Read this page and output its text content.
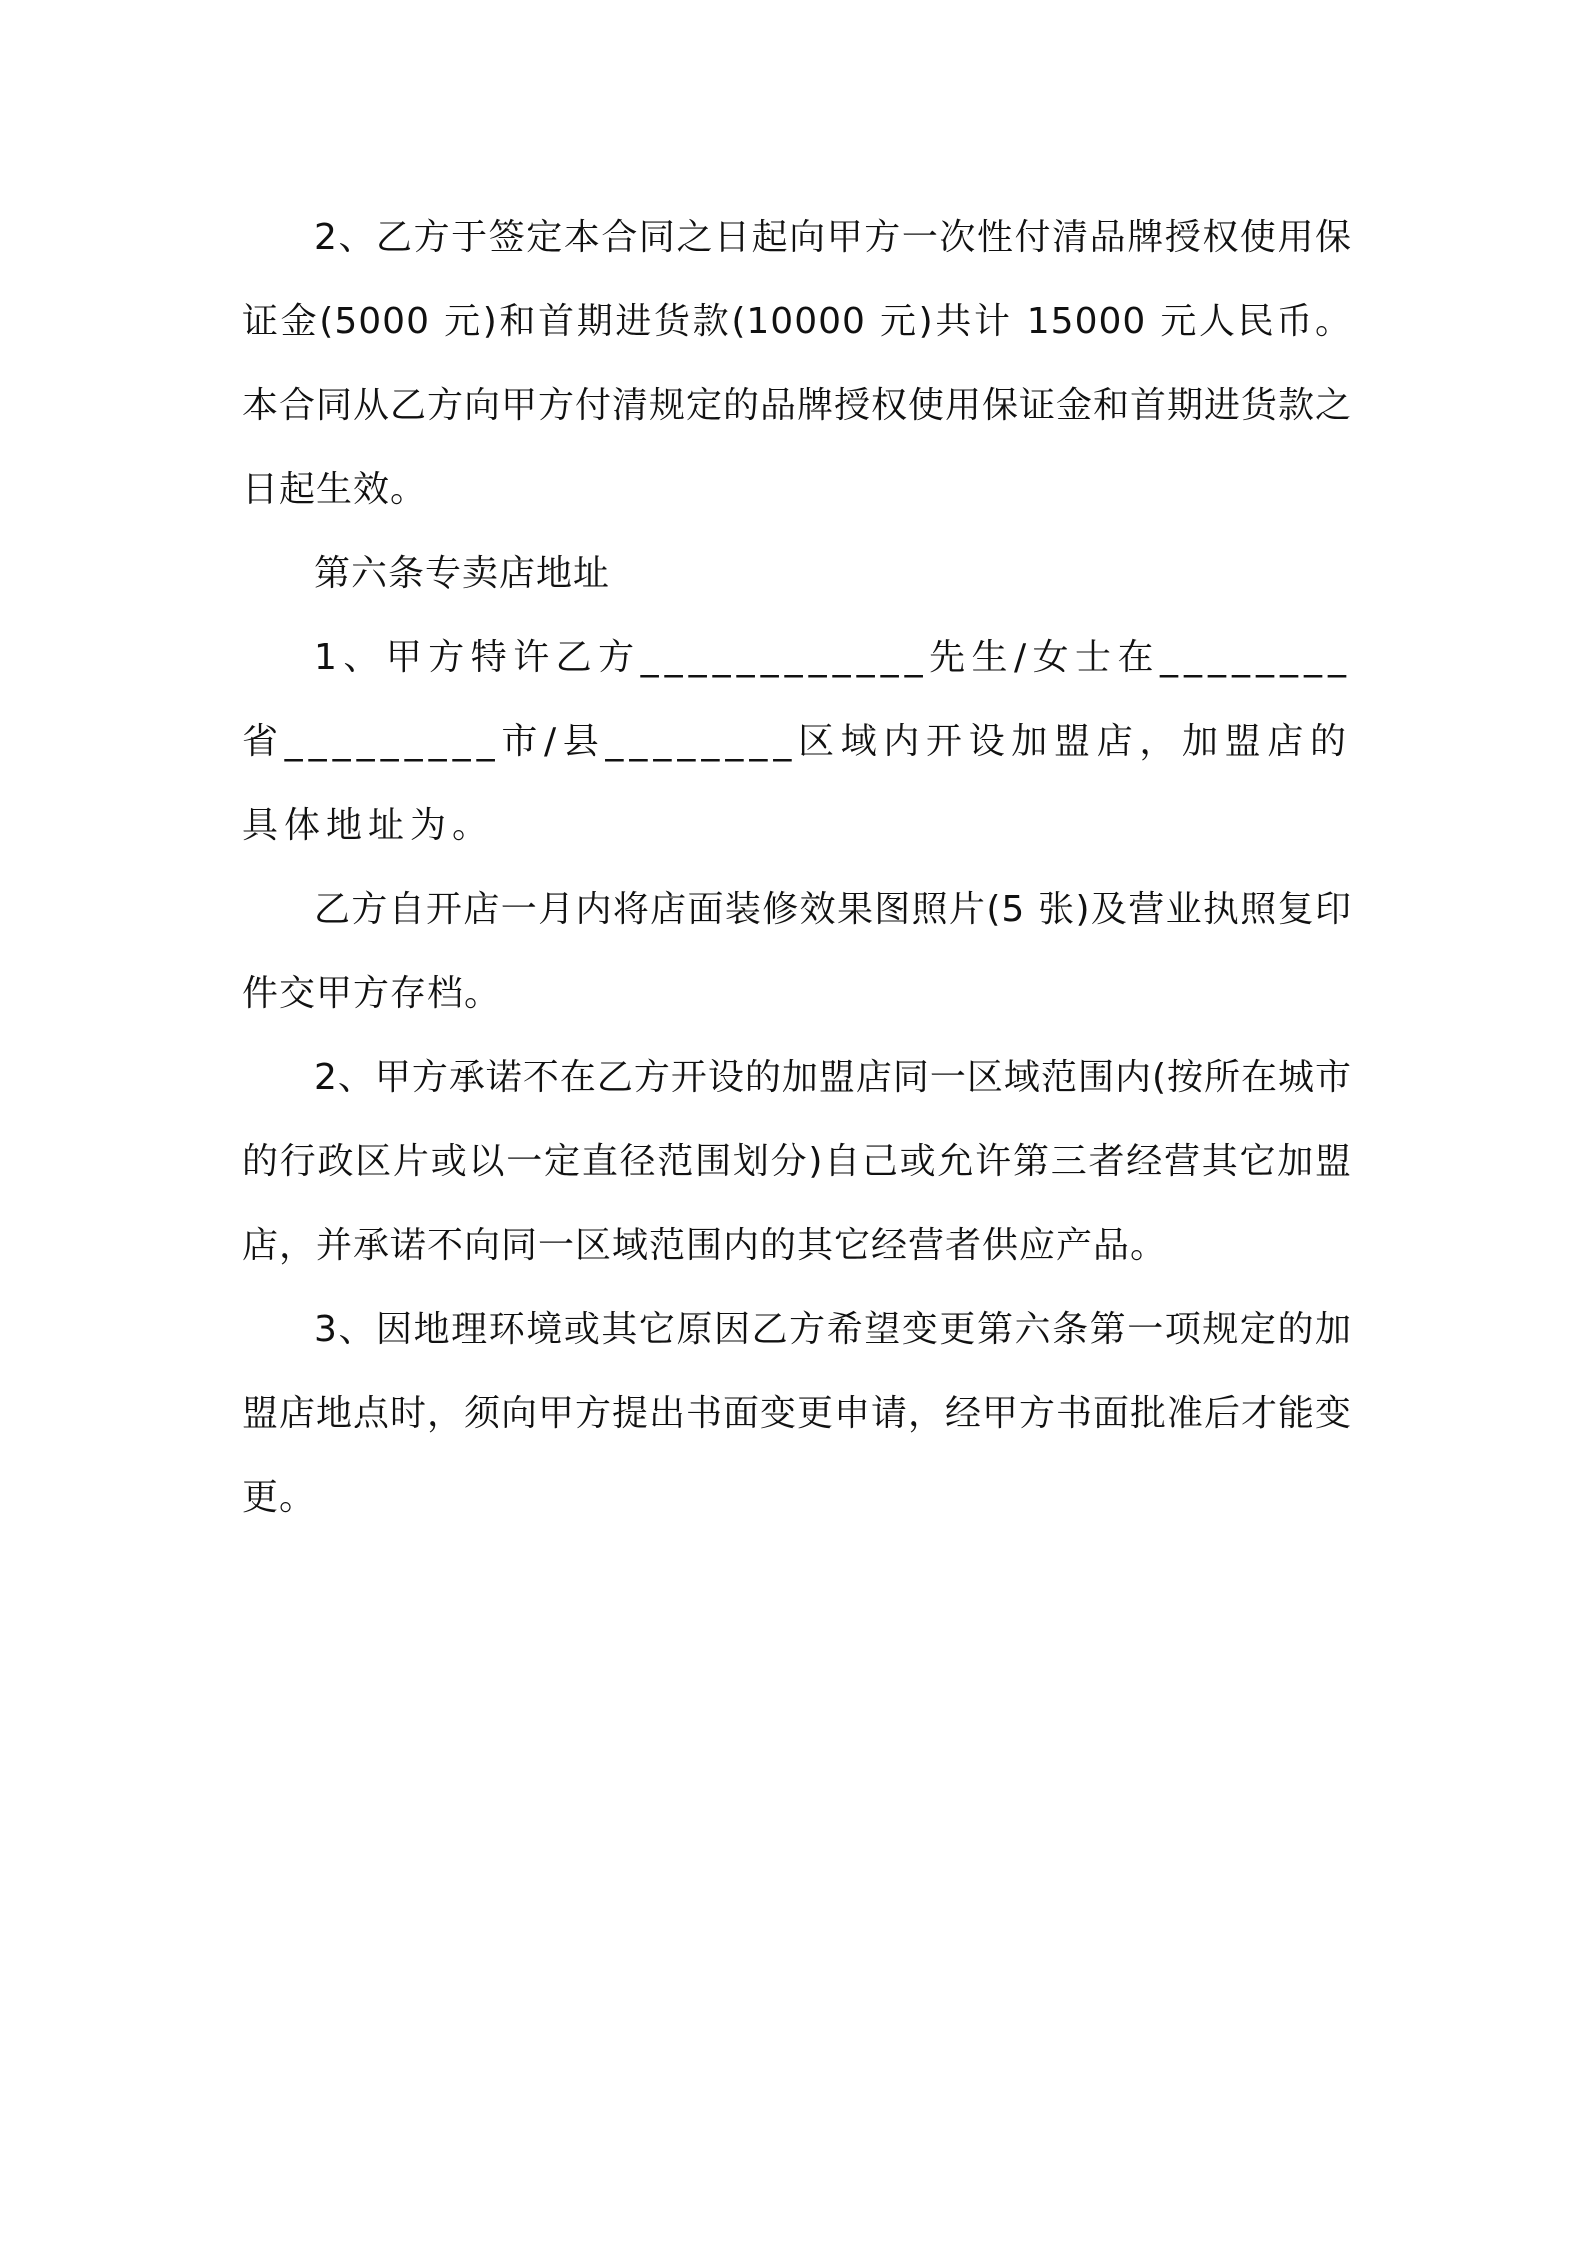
2、乙方于签定本合同之日起向甲方一次性付清品牌授权使用保证金(5000 元)和首期进货款(10000 元)共计 15000 元人民币。本合同从乙方向甲方付清规定的品牌授权使用保证金和首期进货款之日起生效。

第六条专卖店地址

1、甲方特许乙方____________先生/女士在________省_________市/县________区域内开设加盟店，加盟店的具体地址为。

乙方自开店一月内将店面装修效果图照片(5 张)及营业执照复印件交甲方存档。

2、甲方承诺不在乙方开设的加盟店同一区域范围内(按所在城市的行政区片或以一定直径范围划分)自己或允许第三者经营其它加盟店，并承诺不向同一区域范围内的其它经营者供应产品。

3、因地理环境或其它原因乙方希望变更第六条第一项规定的加盟店地点时，须向甲方提出书面变更申请，经甲方书面批准后才能变更。
